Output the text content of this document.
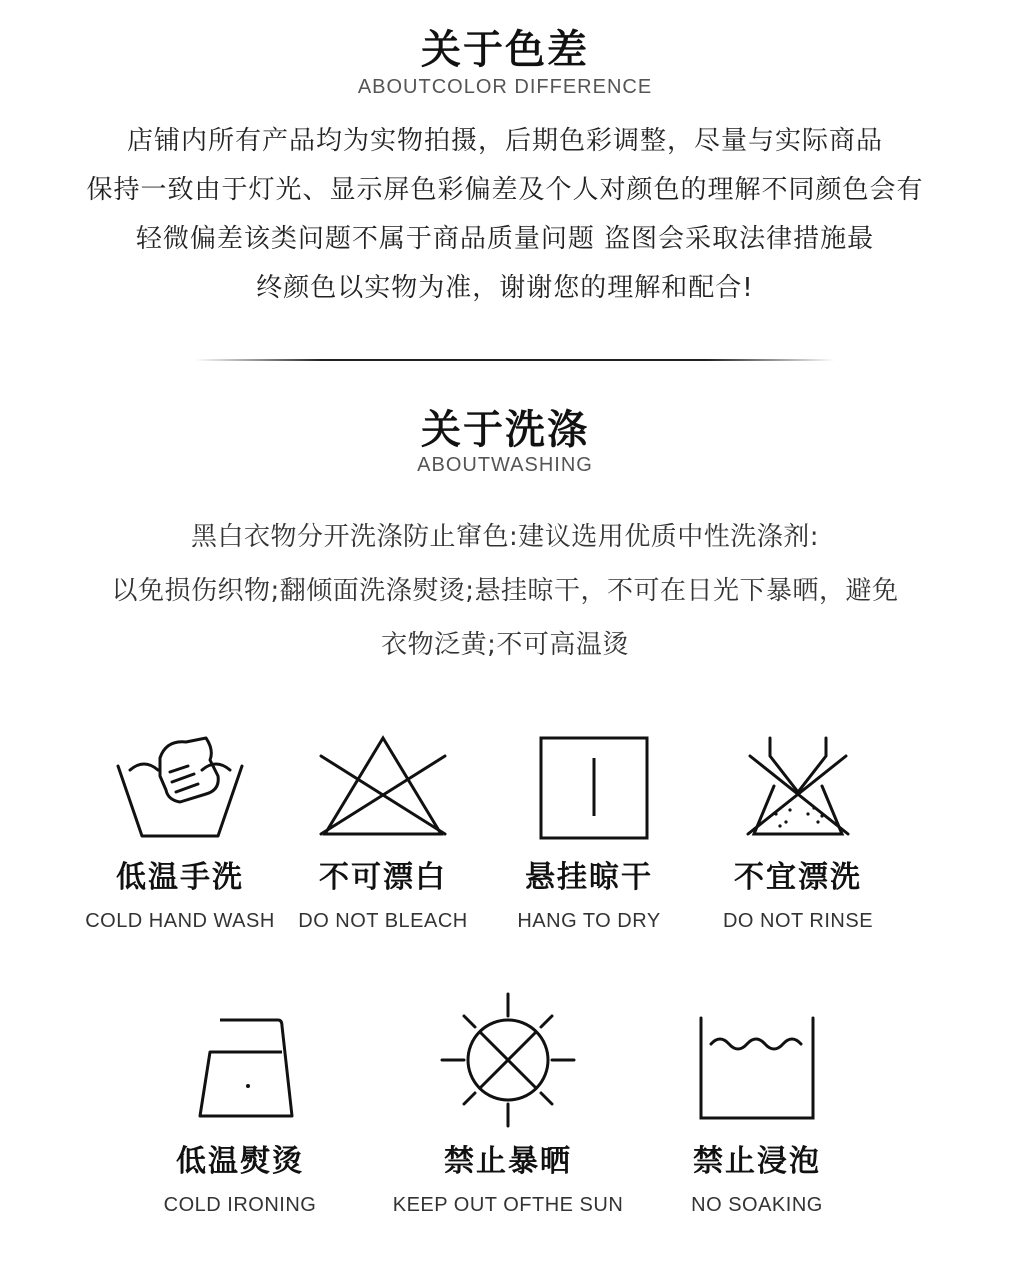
关于色差
ABOUTCOLOR DIFFERENCE
店铺内所有产品均为实物拍摄，后期色彩调整，尽量与实际商品
保持一致由于灯光、显示屏色彩偏差及个人对颜色的理解不同颜色会有
轻微偏差该类问题不属于商品质量问题 盗图会采取法律措施最
终颜色以实物为准，谢谢您的理解和配合!
关于洗涤
ABOUTWASHING
黑白衣物分开洗涤防止窜色:建议选用优质中性洗涤剂:
以免损伤织物;翻倾面洗涤熨烫;悬挂晾干，不可在日光下暴晒，避免
衣物泛黄;不可高温烫
低温手洗
COLD HAND WASH
不可漂白
DO NOT BLEACH
悬挂晾干
HANG TO DRY
不宜漂洗
DO NOT RINSE
低温熨烫
COLD IRONING
禁止暴晒
KEEP OUT OFTHE SUN
禁止浸泡
NO SOAKING
